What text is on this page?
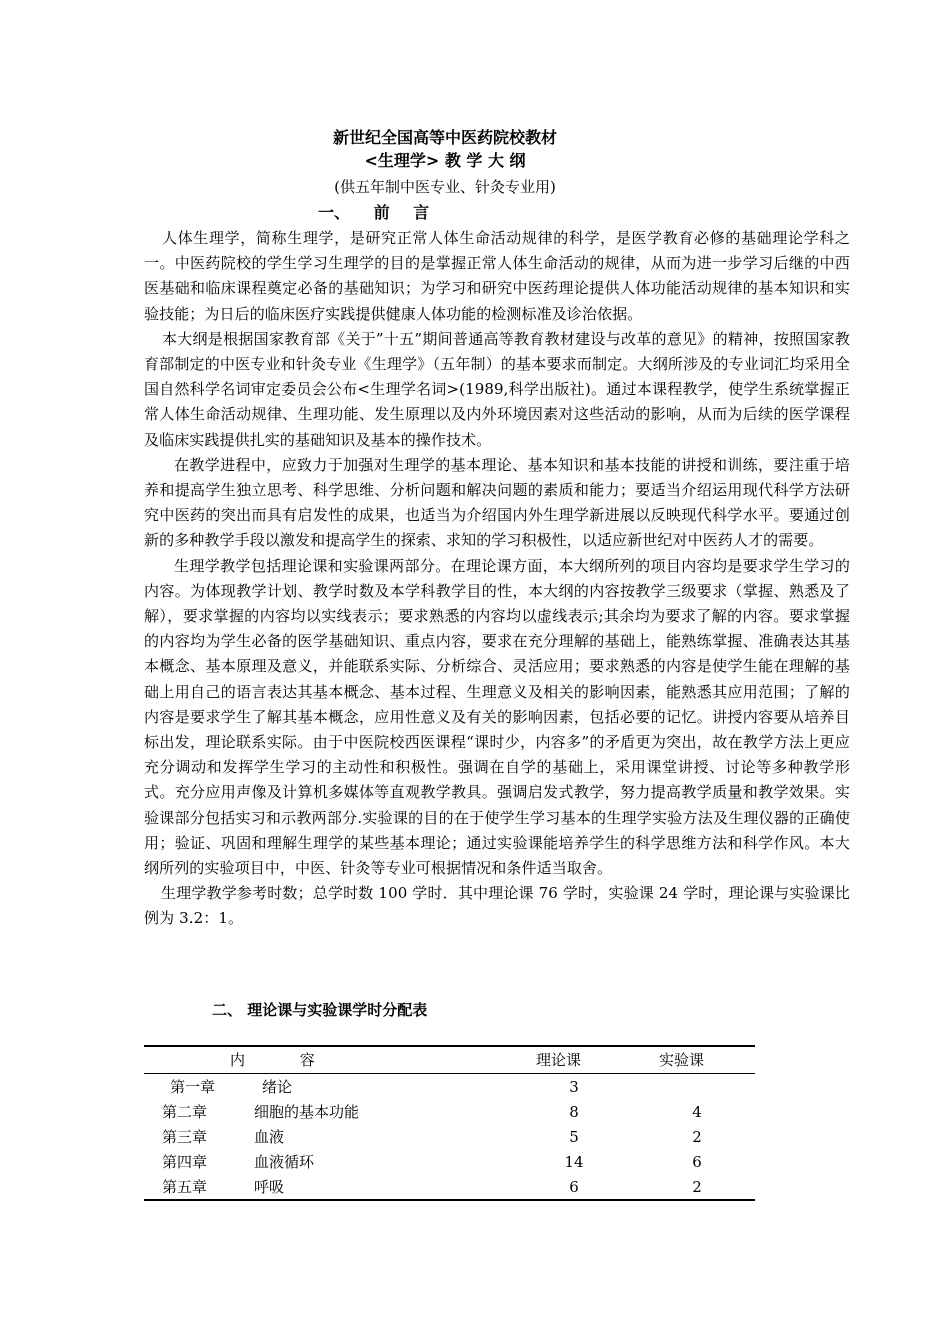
新世纪全国高等中医药院校教材
<生理学> 教 学 大 纲
(供五年制中医专业、针灸专业用)
一、 前 言

人体生理学，简称生理学，是研究正常人体生命活动规律的科学，是医学教育必修的基础理论学科之一。中医药院校的学生学习生理学的目的是掌握正常人体生命活动的规律，从而为进一步学习后继的中西医基础和临床课程奠定必备的基础知识；为学习和研究中医药理论提供人体功能活动规律的基本知识和实验技能；为日后的临床医疗实践提供健康人体功能的检测标准及诊治依据。

本大纲是根据国家教育部《关于”十五”期间普通高等教育教材建设与改革的意见》的精神，按照国家教育部制定的中医专业和针灸专业《生理学》（五年制）的基本要求而制定。大纲所涉及的专业词汇均采用全国自然科学名词审定委员会公布<生理学名词>(1989,科学出版社)。通过本课程教学，使学生系统掌握正常人体生命活动规律、生理功能、发生原理以及内外环境因素对这些活动的影响，从而为后续的医学课程及临床实践提供扎实的基础知识及基本的操作技术。

在教学进程中，应致力于加强对生理学的基本理论、基本知识和基本技能的讲授和训练，要注重于培养和提高学生独立思考、科学思维、分析问题和解决问题的素质和能力；要适当介绍运用现代科学方法研究中医药的突出而具有启发性的成果，也适当为介绍国内外生理学新进展以反映现代科学水平。要通过创新的多种教学手段以激发和提高学生的探索、求知的学习积极性，以适应新世纪对中医药人才的需要。

生理学教学包括理论课和实验课两部分。在理论课方面，本大纲所列的项目内容均是要求学生学习的内容。为体现教学计划、教学时数及本学科教学目的性，本大纲的内容按教学三级要求（掌握、熟悉及了解），要求掌握的内容均以实线表示；要求熟悉的内容均以虚线表示;其余均为要求了解的内容。要求掌握的内容均为学生必备的医学基础知识、重点内容，要求在充分理解的基础上，能熟练掌握、准确表达其基本概念、基本原理及意义，并能联系实际、分析综合、灵活应用；要求熟悉的内容是使学生能在理解的基础上用自己的语言表达其基本概念、基本过程、生理意义及相关的影响因素，能熟悉其应用范围；了解的内容是要求学生了解其基本概念，应用性意义及有关的影响因素，包括必要的记忆。讲授内容要从培养目标出发，理论联系实际。由于中医院校西医课程“课时少，内容多”的矛盾更为突出，故在教学方法上更应充分调动和发挥学生学习的主动性和积极性。强调在自学的基础上，采用课堂讲授、讨论等多种教学形式。充分应用声像及计算机多媒体等直观教学教具。强调启发式教学，努力提高教学质量和教学效果。实验课部分包括实习和示教两部分.实验课的目的在于使学生学习基本的生理学实验方法及生理仪器的正确使用；验证、巩固和理解生理学的某些基本理论；通过实验课能培养学生的科学思维方法和科学作风。本大纲所列的实验项目中，中医、针灸等专业可根据情况和条件适当取舍。

生理学教学参考时数；总学时数 100 学时．其中理论课 76 学时，实验课 24 学时，理论课与实验课比例为 3.2：1。

二、 理论课与实验课学时分配表
内 容	理论课	实验课
第一章	绪论	3
第二章	细胞的基本功能	8	4
第三章	血液	5	2
第四章	血液循环	14	6
第五章	呼吸	6	2
